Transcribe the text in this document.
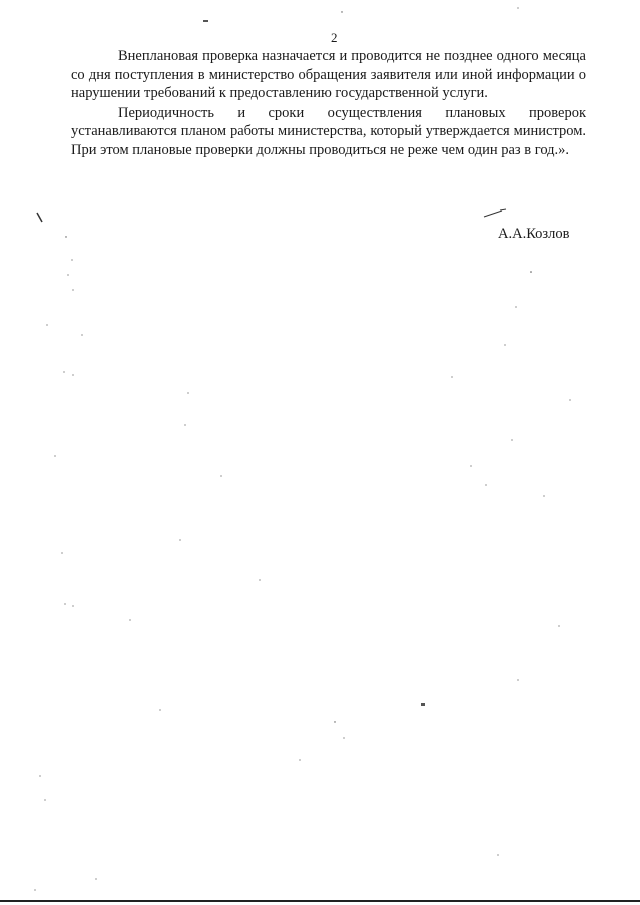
2

Внеплановая проверка назначается и проводится не позднее одного месяца со дня поступления в министерство обращения заявителя или иной информации о нарушении требований к предоставлению государственной услуги.

Периодичность и сроки осуществления плановых проверок устанавливаются планом работы министерства, который утверждается министром. При этом плановые проверки должны проводиться не реже чем один раз в год.».

А.А.Козлов
